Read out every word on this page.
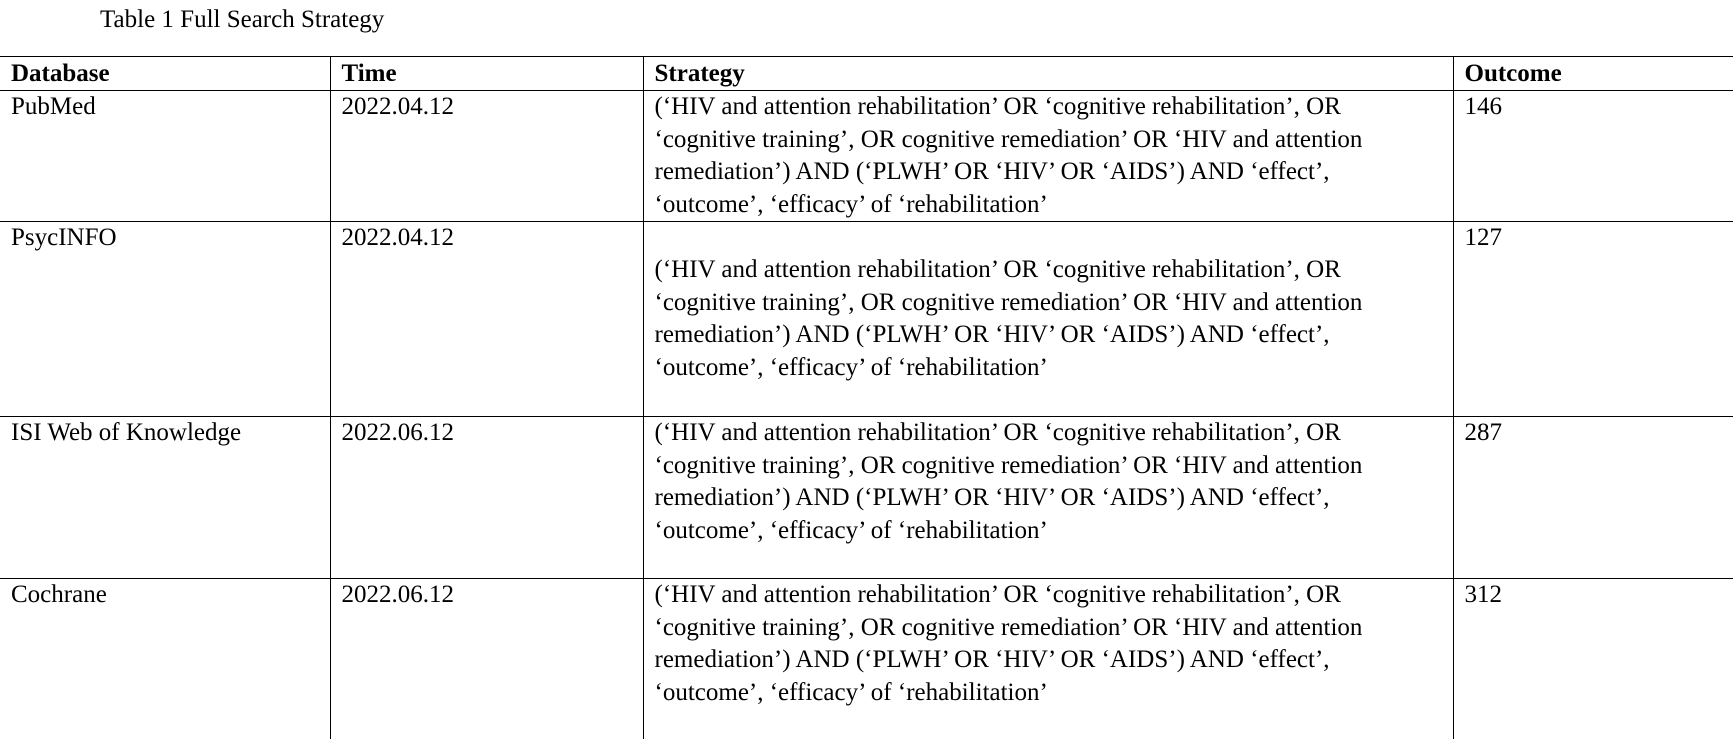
Table 1 Full Search Strategy
Database	Time	Strategy	Outcome
PubMed	2022.04.12	(‘HIV and attention rehabilitation’ OR ‘cognitive rehabilitation’, OR ‘cognitive training’, OR cognitive remediation’ OR ‘HIV and attention remediation’) AND (‘PLWH’ OR ‘HIV’ OR ‘AIDS’) AND ‘effect’, ‘outcome’, ‘efficacy’ of ‘rehabilitation’	146
PsycINFO	2022.04.12	(‘HIV and attention rehabilitation’ OR ‘cognitive rehabilitation’, OR ‘cognitive training’, OR cognitive remediation’ OR ‘HIV and attention remediation’) AND (‘PLWH’ OR ‘HIV’ OR ‘AIDS’) AND ‘effect’, ‘outcome’, ‘efficacy’ of ‘rehabilitation’	127
ISI Web of Knowledge	2022.06.12	(‘HIV and attention rehabilitation’ OR ‘cognitive rehabilitation’, OR ‘cognitive training’, OR cognitive remediation’ OR ‘HIV and attention remediation’) AND (‘PLWH’ OR ‘HIV’ OR ‘AIDS’) AND ‘effect’, ‘outcome’, ‘efficacy’ of ‘rehabilitation’	287
Cochrane	2022.06.12	(‘HIV and attention rehabilitation’ OR ‘cognitive rehabilitation’, OR ‘cognitive training’, OR cognitive remediation’ OR ‘HIV and attention remediation’) AND (‘PLWH’ OR ‘HIV’ OR ‘AIDS’) AND ‘effect’, ‘outcome’, ‘efficacy’ of ‘rehabilitation’	312
